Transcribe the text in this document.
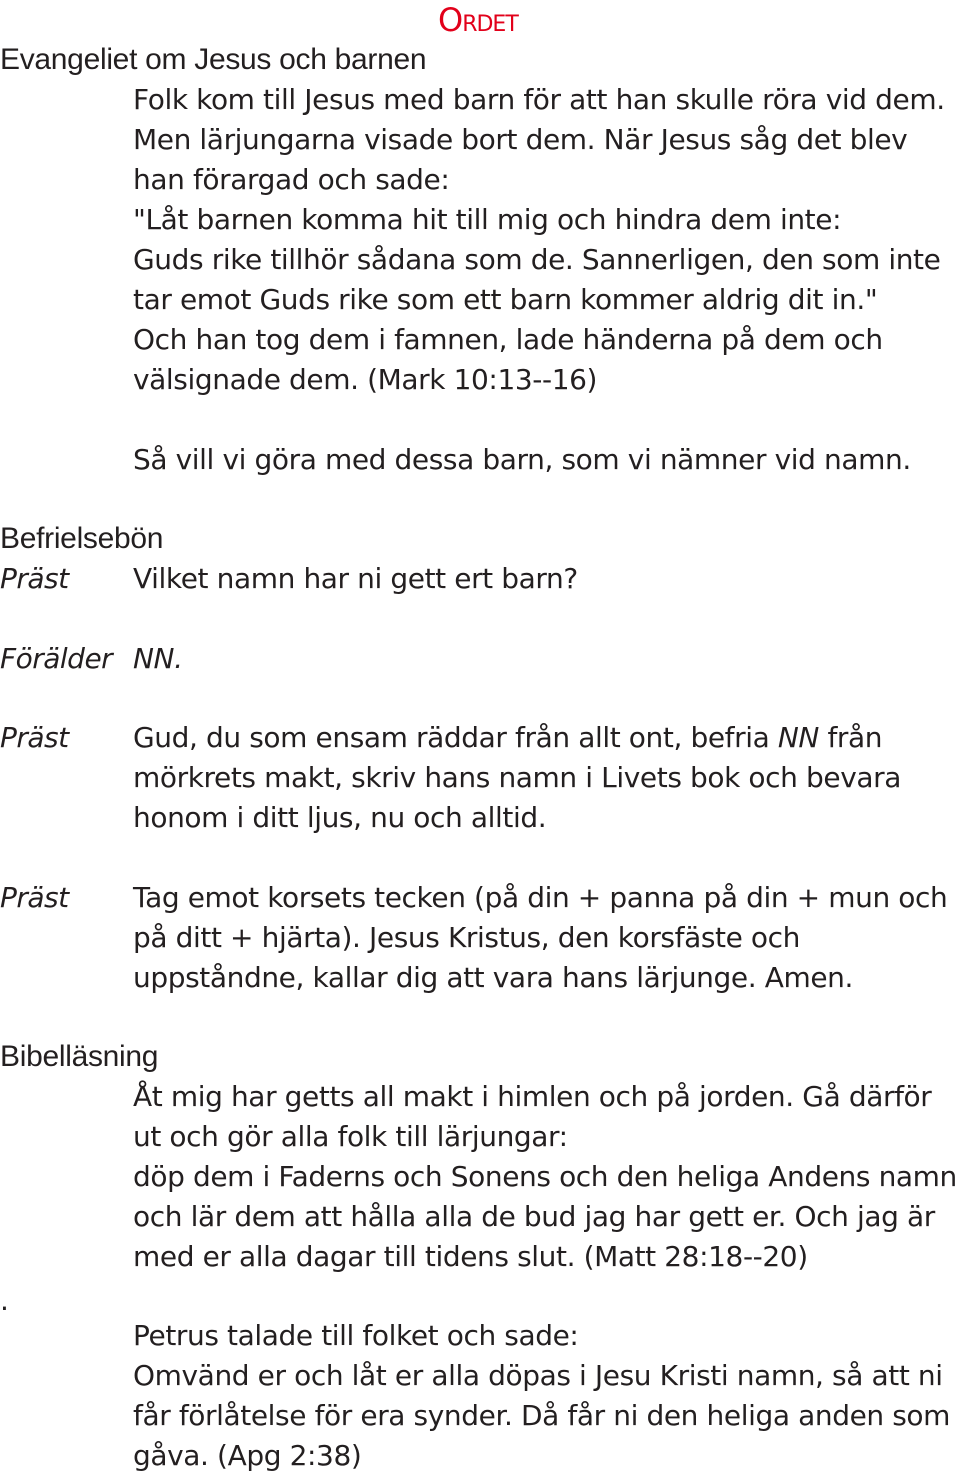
Ordet
Evangeliet om Jesus och barnen
Folk kom till Jesus med barn för att han skulle röra vid dem.
Men lärjungarna visade bort dem. När Jesus såg det blev
han förargad och sade:
"Låt barnen komma hit till mig och hindra dem inte:
Guds rike tillhör sådana som de. Sannerligen, den som inte
tar emot Guds rike som ett barn kommer aldrig dit in."
Och han tog dem i famnen, lade händerna på dem och
välsignade dem. (Mark 10:13--16)
Så vill vi göra med dessa barn, som vi nämner vid namn.
Befrielsebön
Präst Vilket namn har ni gett ert barn?
Förälder NN.
Präst Gud, du som ensam räddar från allt ont, befria NN från
mörkrets makt, skriv hans namn i Livets bok och bevara
honom i ditt ljus, nu och alltid.
Präst Tag emot korsets tecken (på din + panna på din + mun och
på ditt + hjärta). Jesus Kristus, den korsfäste och
uppståndne, kallar dig att vara hans lärjunge. Amen.
Bibelläsning
Åt mig har getts all makt i himlen och på jorden. Gå därför
ut och gör alla folk till lärjungar:
döp dem i Faderns och Sonens och den heliga Andens namn
och lär dem att hålla alla de bud jag har gett er. Och jag är
med er alla dagar till tidens slut. (Matt 28:18--20)
.
Petrus talade till folket och sade:
Omvänd er och låt er alla döpas i Jesu Kristi namn, så att ni
får förlåtelse för era synder. Då får ni den heliga anden som
gåva. (Apg 2:38)
